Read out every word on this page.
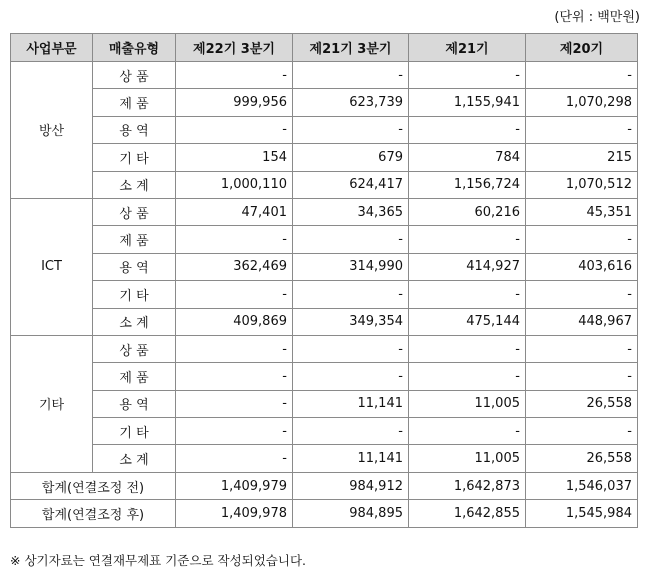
(단위 : 백만원)
사업부문	매출유형	제22기 3분기	제21기 3분기	제21기	제20기
방산	상 품	-	-	-	-
	제 품	999,956	623,739	1,155,941	1,070,298
	용 역	-	-	-	-
	기 타	154	679	784	215
	소 계	1,000,110	624,417	1,156,724	1,070,512
ICT	상 품	47,401	34,365	60,216	45,351
	제 품	-	-	-	-
	용 역	362,469	314,990	414,927	403,616
	기 타	-	-	-	-
	소 계	409,869	349,354	475,144	448,967
기타	상 품	-	-	-	-
	제 품	-	-	-	-
	용 역	-	11,141	11,005	26,558
	기 타	-	-	-	-
	소 계	-	11,141	11,005	26,558
합계(연결조정 전)		1,409,979	984,912	1,642,873	1,546,037
합계(연결조정 후)		1,409,978	984,895	1,642,855	1,545,984
※ 상기자료는 연결재무제표 기준으로 작성되었습니다.
